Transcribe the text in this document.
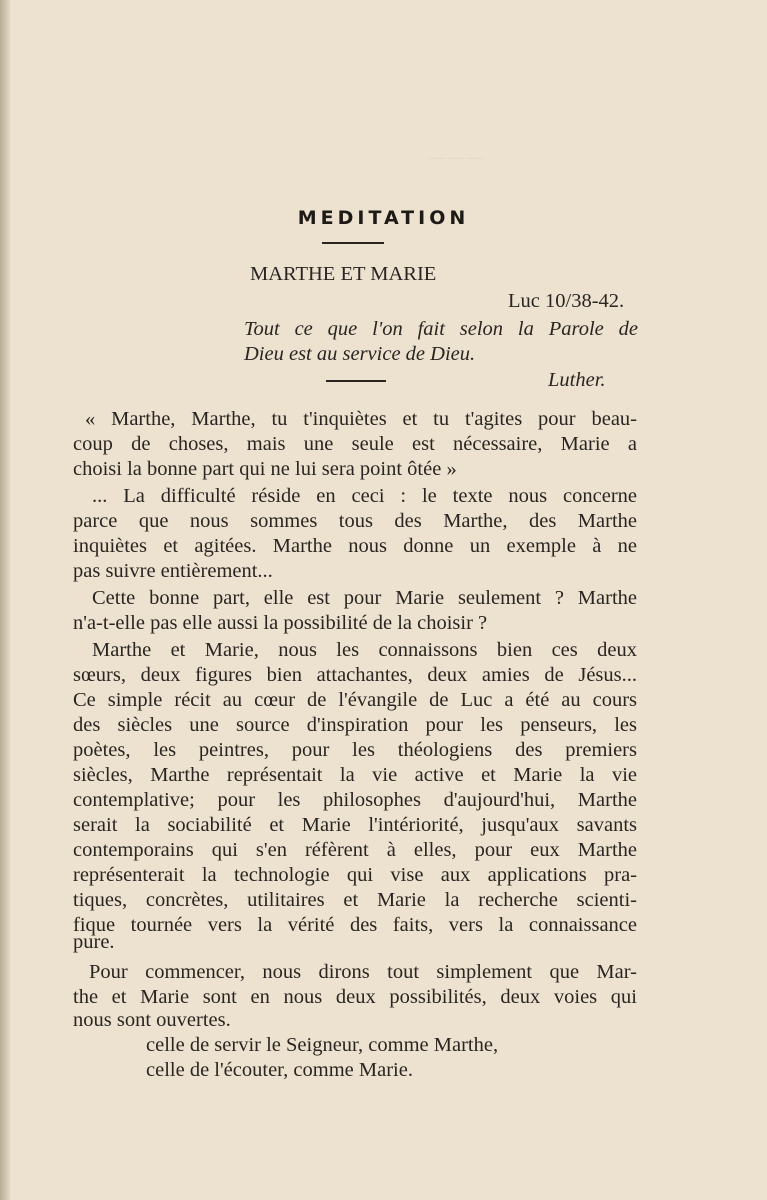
— — —
MEDITATION
MARTHE ET MARIE
Luc 10/38-42.
Tout ce que l'on fait selon la Parole de
Dieu est au service de Dieu.
Luther.
« Marthe, Marthe, tu t'inquiètes et tu t'agites pour beau-
coup de choses, mais une seule est nécessaire, Marie a
choisi la bonne part qui ne lui sera point ôtée »
... La difficulté réside en ceci : le texte nous concerne
parce que nous sommes tous des Marthe, des Marthe
inquiètes et agitées. Marthe nous donne un exemple à ne
pas suivre entièrement...
Cette bonne part, elle est pour Marie seulement ? Marthe
n'a-t-elle pas elle aussi la possibilité de la choisir ?
Marthe et Marie, nous les connaissons bien ces deux
sœurs, deux figures bien attachantes, deux amies de Jésus...
Ce simple récit au cœur de l'évangile de Luc a été au cours
des siècles une source d'inspiration pour les penseurs, les
poètes, les peintres, pour les théologiens des premiers
siècles, Marthe représentait la vie active et Marie la vie
contemplative; pour les philosophes d'aujourd'hui, Marthe
serait la sociabilité et Marie l'intériorité, jusqu'aux savants
contemporains qui s'en réfèrent à elles, pour eux Marthe
représenterait la technologie qui vise aux applications pra-
tiques, concrètes, utilitaires et Marie la recherche scienti-
fique tournée vers la vérité des faits, vers la connaissance
pure.
Pour commencer, nous dirons tout simplement que Mar-
the et Marie sont en nous deux possibilités, deux voies qui
nous sont ouvertes.
celle de servir le Seigneur, comme Marthe,
celle de l'écouter, comme Marie.
